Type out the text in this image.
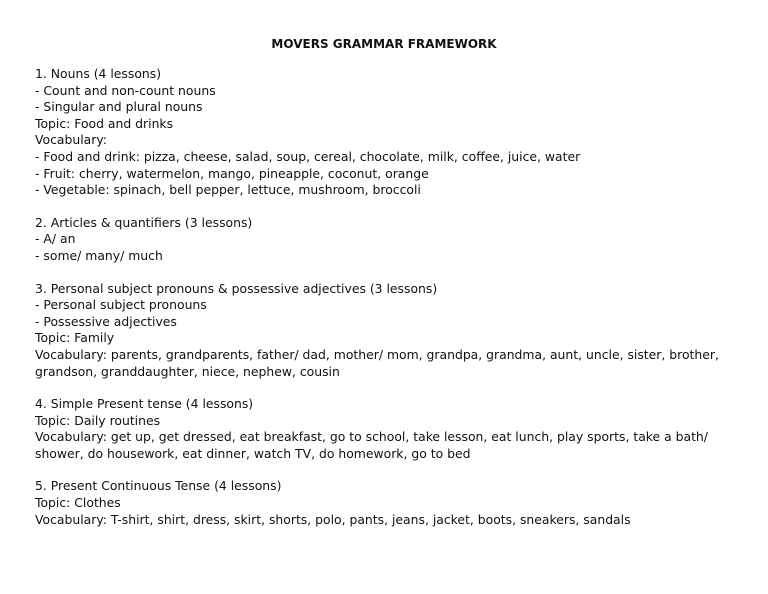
MOVERS GRAMMAR FRAMEWORK
1. Nouns (4 lessons)
- Count and non-count nouns
- Singular and plural nouns
Topic: Food and drinks
Vocabulary:
- Food and drink: pizza, cheese, salad, soup, cereal, chocolate, milk, coffee, juice, water
- Fruit: cherry, watermelon, mango, pineapple, coconut, orange
- Vegetable: spinach, bell pepper, lettuce, mushroom, broccoli
2. Articles & quantifiers (3 lessons)
- A/ an
- some/ many/ much
3. Personal subject pronouns & possessive adjectives (3 lessons)
- Personal subject pronouns
- Possessive adjectives
Topic: Family
Vocabulary: parents, grandparents, father/ dad, mother/ mom, grandpa, grandma, aunt, uncle, sister, brother, grandson, granddaughter, niece, nephew, cousin
4. Simple Present tense (4 lessons)
Topic: Daily routines
Vocabulary: get up, get dressed, eat breakfast, go to school, take lesson, eat lunch, play sports, take a bath/ shower, do housework, eat dinner, watch TV, do homework, go to bed
5. Present Continuous Tense (4 lessons)
Topic: Clothes
Vocabulary: T-shirt, shirt, dress, skirt, shorts, polo, pants, jeans, jacket, boots, sneakers, sandals
